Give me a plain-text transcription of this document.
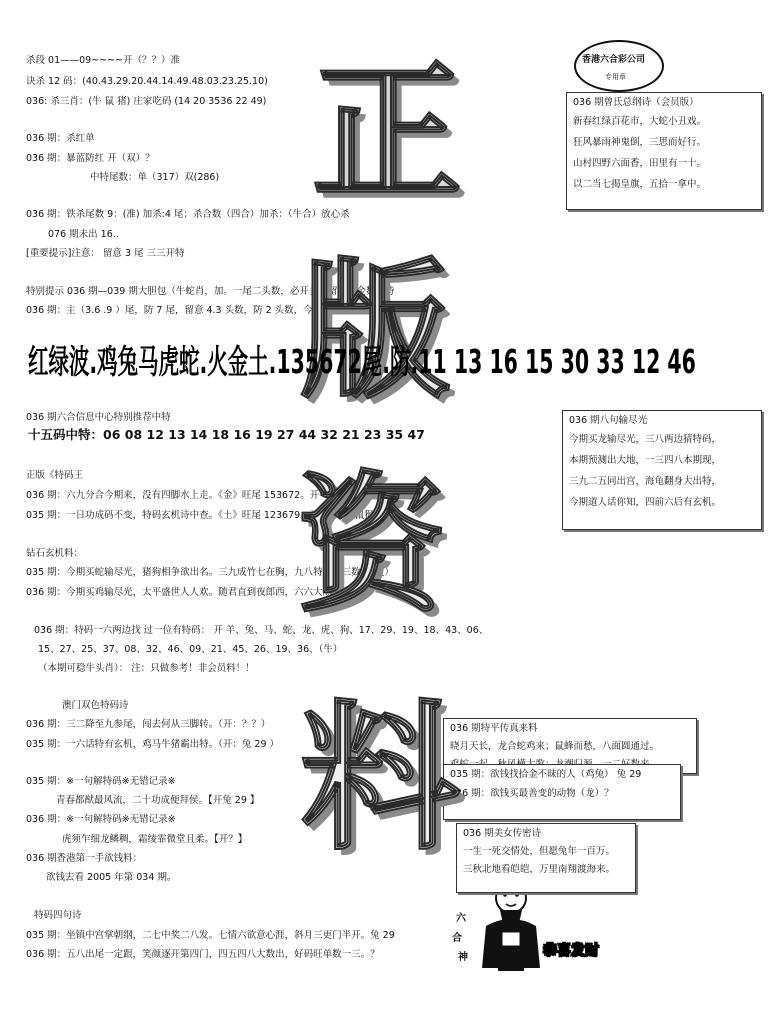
香港六合彩公司
专用章
正
版
资
料
杀段 01——09~~~~开（？？）准
诀杀 12 码：(40.43.29.20.44.14.49.48.03.23.25.10)
036: 杀三肖：(牛 鼠 猪) 庄家吃码 (14 20 3536 22 49)
036 期：杀红单
036 期：暴蓝防红 开（双）？
中特尾数：单（317）双(286)
036 期：铁杀尾数 9：(准) 加杀:4 尾；杀合数（四合）加杀：（牛合）放心杀
076 期未出 16..
[重要提示]注意： 留意 3 尾 三三开特
特别提示 036 期—039 期大胆包（牛蛇肖，加。一尾二头数，必开多期留意三金数出特
036 期：主（3.6 .9 ）尾，防 7 尾，留意 4.3 头数，防 2 头数，今期留意兔鸡肖出特
红绿波.鸡兔马虎蛇.火金土.135672尾.防.11 13 16 15 30 33 12 46
036 期六合信息中心特别推荐中特
十五码中特：06 08 12 13 14 18 16 19 27 44 32 21 23 35 47
正版《特码王
036 期：六九分合今期来，没有四脚水上走。《金》旺尾 153672。开----（羊 牛猪）
035 期：一日功成码不变，特码玄机诗中查。《土》旺尾 123679。开----（马 鼠猴）
钻石玄机料：
035 期：今期买蛇输尽光，猪狗相争欲出名。三九成竹七在胸，九八特一话三数。（史）
036 期：今期买鸡输尽光，太平盛世人人欢。随君直到夜郎西，六六大顺特不断？
036 期：特码一六两边找 过一位有特码： 开 羊、兔、马、蛇、龙、虎、狗、17、29、19、18、43、06、
15、27、25、37、08、32、46、09、21、45、26、19、36、（牛）
（本期可稳牛头肖）： 注：只做参考！非会员料！！
澳门双色特码诗
036 期：三二降至九参尾，闯去何从三脚转。（开：？？）
035 期：一六话特有玄机，鸡马牛猪霸出特。（开：兔 29 ）
035 期：※一句解特码※无错记录※
青春都猷最风流，二十功成便拜侯。【开兔 29 】
036 期：※一句解特码※无错记录※
虎须乍细龙鳞稠，霜绫霏微堂且柔。【开？】
036 期香港第一手欲钱料：
欲钱去看 2005 年第 034 期。
特码四句诗
035 期：坐镇中宫掌朝纲，二七中奖二八发。七情六欲意心涯，斜月三更门半开。兔 29
036 期：五八出尾一定跟，笑颜逐开第四门，四五四八大数出，好码旺单数一三。？
六
合
神
036 期曾氏总纲诗（会员版）
新春红绿百花市，大蛇小丑戏。
狂风暴雨神鬼倒，三思而好行。
山村四野六面香，田里有一十。
以二当七揭皇旗，五拾一拿中。
036 期八句输尽光
今期买龙输尽光，三八两边猜特码，
本期预测出大地，一三四八本期现，
三九二五同出宫，海龟翻身大出特，
今期道人话你知，四前六后有玄机。
036 期特平传真来料
晓月天长，龙合蛇鸡来；鼠蜂而愁，八面圆通过。
035 期：欲钱找拾金不昧的人（鸡兔） 兔 29
036 期：欲钱买最善变的动物（龙）？
036 期美女传密诗
一生一死交情处，但愿兔年一百万。
三秋北地看皑皑，万里南翔渡海来。
恭喜发财
